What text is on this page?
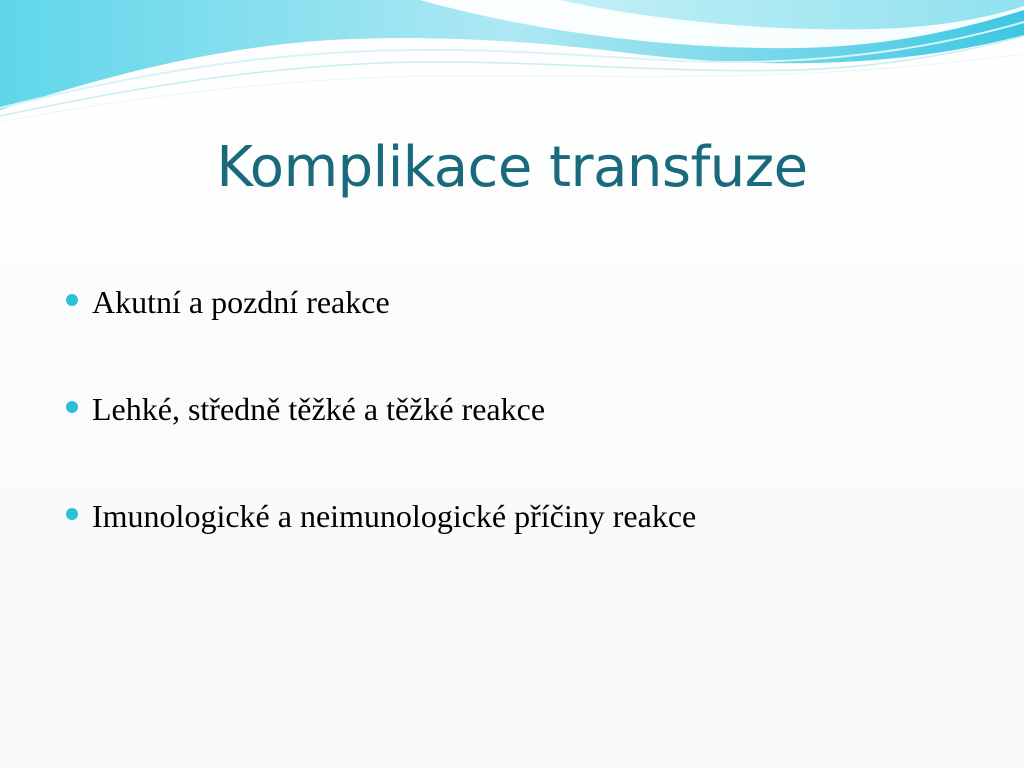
Komplikace transfuze
Akutní a pozdní reakce
Lehké, středně těžké a těžké reakce
Imunologické a neimunologické příčiny reakce
